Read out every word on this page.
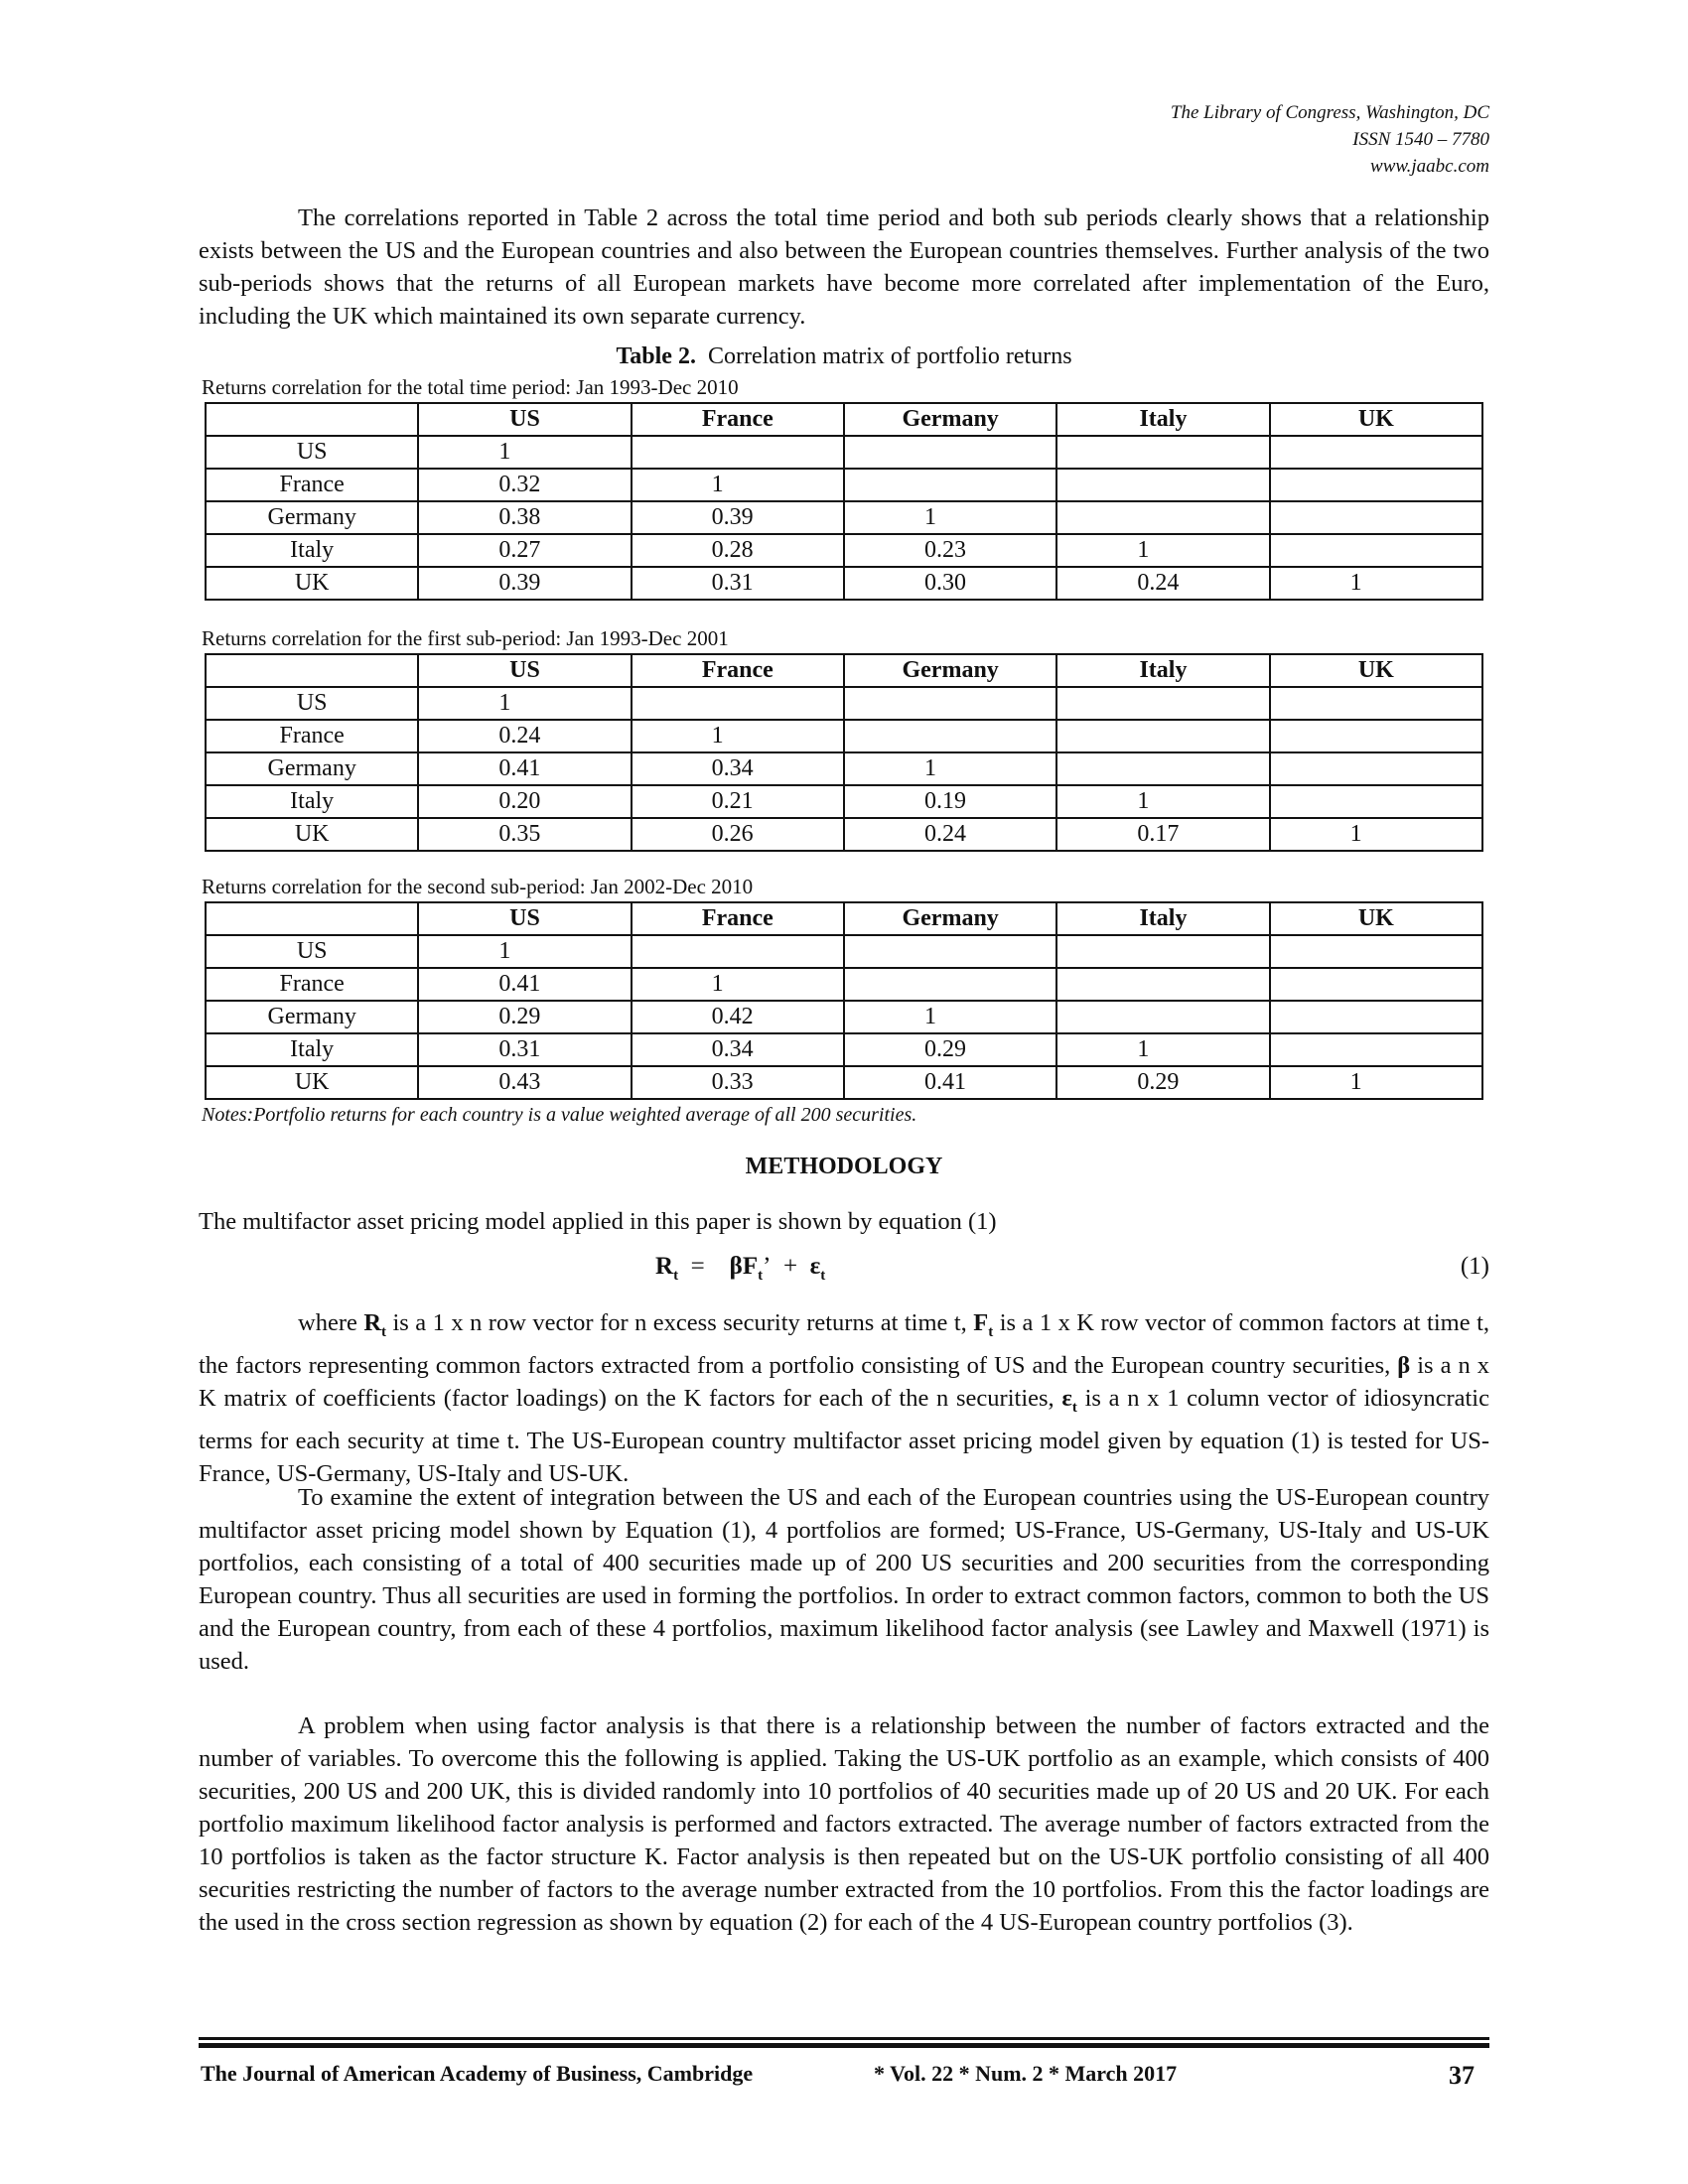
The Library of Congress, Washington, DC
ISSN 1540 – 7780
www.jaabc.com

The correlations reported in Table 2 across the total time period and both sub periods clearly shows that a relationship exists between the US and the European countries and also between the European countries themselves. Further analysis of the two sub-periods shows that the returns of all European markets have become more correlated after implementation of the Euro, including the UK which maintained its own separate currency.

Table 2. Correlation matrix of portfolio returns
Returns correlation for the total time period: Jan 1993-Dec 2010
	US	France	Germany	Italy	UK
US	1				
France	0.32	1			
Germany	0.38	0.39	1		
Italy	0.27	0.28	0.23	1	
UK	0.39	0.31	0.30	0.24	1
Returns correlation for the first sub-period: Jan 1993-Dec 2001
	US	France	Germany	Italy	UK
US	1				
France	0.24	1			
Germany	0.41	0.34	1		
Italy	0.20	0.21	0.19	1	
UK	0.35	0.26	0.24	0.17	1
Returns correlation for the second sub-period: Jan 2002-Dec 2010
	US	France	Germany	Italy	UK
US	1				
France	0.41	1			
Germany	0.29	0.42	1		
Italy	0.31	0.34	0.29	1	
UK	0.43	0.33	0.41	0.29	1
Notes:Portfolio returns for each country is a value weighted average of all 200 securities.
METHODOLOGY

The multifactor asset pricing model applied in this paper is shown by equation (1)

$R_t = \beta F_t$’ + $\varepsilon_t$	(1)

where $R_t$ is a 1 x n row vector for n excess security returns at time t, $F_t$ is a 1 x K row vector of common factors at time t, the factors representing common factors extracted from a portfolio consisting of US and the European country securities, β is a n x K matrix of coefficients (factor loadings) on the K factors for each of the n securities, $\varepsilon_t$ is a n x 1 column vector of idiosyncratic terms for each security at time t. The US-European country multifactor asset pricing model given by equation (1) is tested for US-France, US-Germany, US-Italy and US-UK.

To examine the extent of integration between the US and each of the European countries using the US-European country multifactor asset pricing model shown by Equation (1), 4 portfolios are formed; US-France, US-Germany, US-Italy and US-UK portfolios, each consisting of a total of 400 securities made up of 200 US securities and 200 securities from the corresponding European country. Thus all securities are used in forming the portfolios. In order to extract common factors, common to both the US and the European country, from each of these 4 portfolios, maximum likelihood factor analysis (see Lawley and Maxwell (1971) is used.

A problem when using factor analysis is that there is a relationship between the number of factors extracted and the number of variables. To overcome this the following is applied. Taking the US-UK portfolio as an example, which consists of 400 securities, 200 US and 200 UK, this is divided randomly into 10 portfolios of 40 securities made up of 20 US and 20 UK. For each portfolio maximum likelihood factor analysis is performed and factors extracted. The average number of factors extracted from the 10 portfolios is taken as the factor structure K. Factor analysis is then repeated but on the US-UK portfolio consisting of all 400 securities restricting the number of factors to the average number extracted from the 10 portfolios. From this the factor loadings are the used in the cross section regression as shown by equation (2) for each of the 4 US-European country portfolios (3).

The Journal of American Academy of Business, Cambridge	* Vol. 22 * Num. 2 * March 2017	37
